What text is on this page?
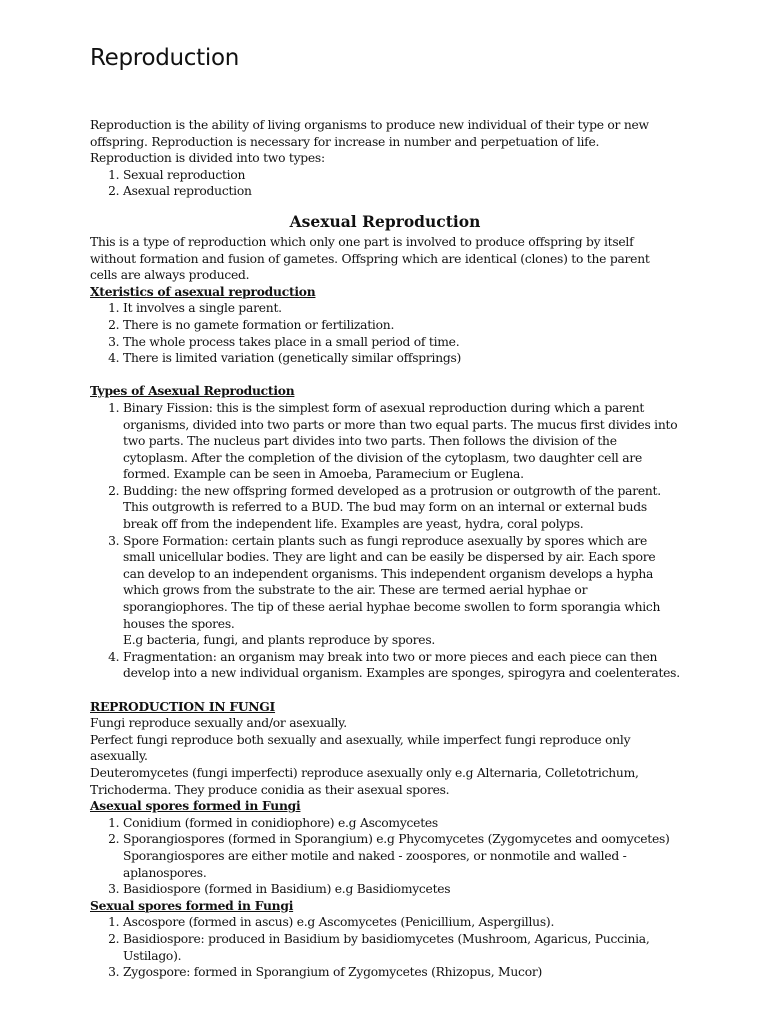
Reproduction

Reproduction is the ability of living organisms to produce new individual of their type or new offspring. Reproduction is necessary for increase in number and perpetuation of life.

Reproduction is divided into two types:

1. Sexual reproduction
2. Asexual reproduction
Asexual Reproduction

This is a type of reproduction which only one part is involved to produce offspring by itself without formation and fusion of gametes. Offspring which are identical (clones) to the parent cells are always produced.

Xteristics of asexual reproduction

1. It involves a single parent.
2. There is no gamete formation or fertilization.
3. The whole process takes place in a small period of time.
4. There is limited variation (genetically similar offsprings)

Types of Asexual Reproduction

1. Binary Fission: this is the simplest form of asexual reproduction during which a parent organisms, divided into two parts or more than two equal parts. The mucus first divides into two parts. The nucleus part divides into two parts. Then follows the division of the cytoplasm. After the completion of the division of the cytoplasm, two daughter cell are formed. Example can be seen in Amoeba, Paramecium or Euglena.
2. Budding: the new offspring formed developed as a protrusion or outgrowth of the parent. This outgrowth is referred to a BUD. The bud may form on an internal or external buds break off from the independent life. Examples are yeast, hydra, coral polyps.
3. Spore Formation: certain plants such as fungi reproduce asexually by spores which are small unicellular bodies. They are light and can be easily be dispersed by air. Each spore can develop to an independent organisms. This independent organism develops a hypha which grows from the substrate to the air. These are termed aerial hyphae or sporangiophores. The tip of these aerial hyphae become swollen to form sporangia which houses the spores.
E.g bacteria, fungi, and plants reproduce by spores.
4. Fragmentation: an organism may break into two or more pieces and each piece can then develop into a new individual organism. Examples are sponges, spirogyra and coelenterates.

REPRODUCTION IN FUNGI

Fungi reproduce sexually and/or asexually.

Perfect fungi reproduce both sexually and asexually, while imperfect fungi reproduce only asexually.

Deuteromycetes (fungi imperfecti) reproduce asexually only e.g Alternaria, Colletotrichum, Trichoderma. They produce conidia as their asexual spores.

Asexual spores formed in Fungi

1. Conidium (formed in conidiophore) e.g Ascomycetes
2. Sporangiospores (formed in Sporangium) e.g Phycomycetes (Zygomycetes and oomycetes) Sporangiospores are either motile and naked - zoospores, or nonmotile and walled - aplanospores.
3. Basidiospore (formed in Basidium) e.g Basidiomycetes

Sexual spores formed in Fungi

1. Ascospore (formed in ascus) e.g Ascomycetes (Penicillium, Aspergillus).
2. Basidiospore: produced in Basidium by basidiomycetes (Mushroom, Agaricus, Puccinia, Ustilago).
3. Zygospore: formed in Sporangium of Zygomycetes (Rhizopus, Mucor)
